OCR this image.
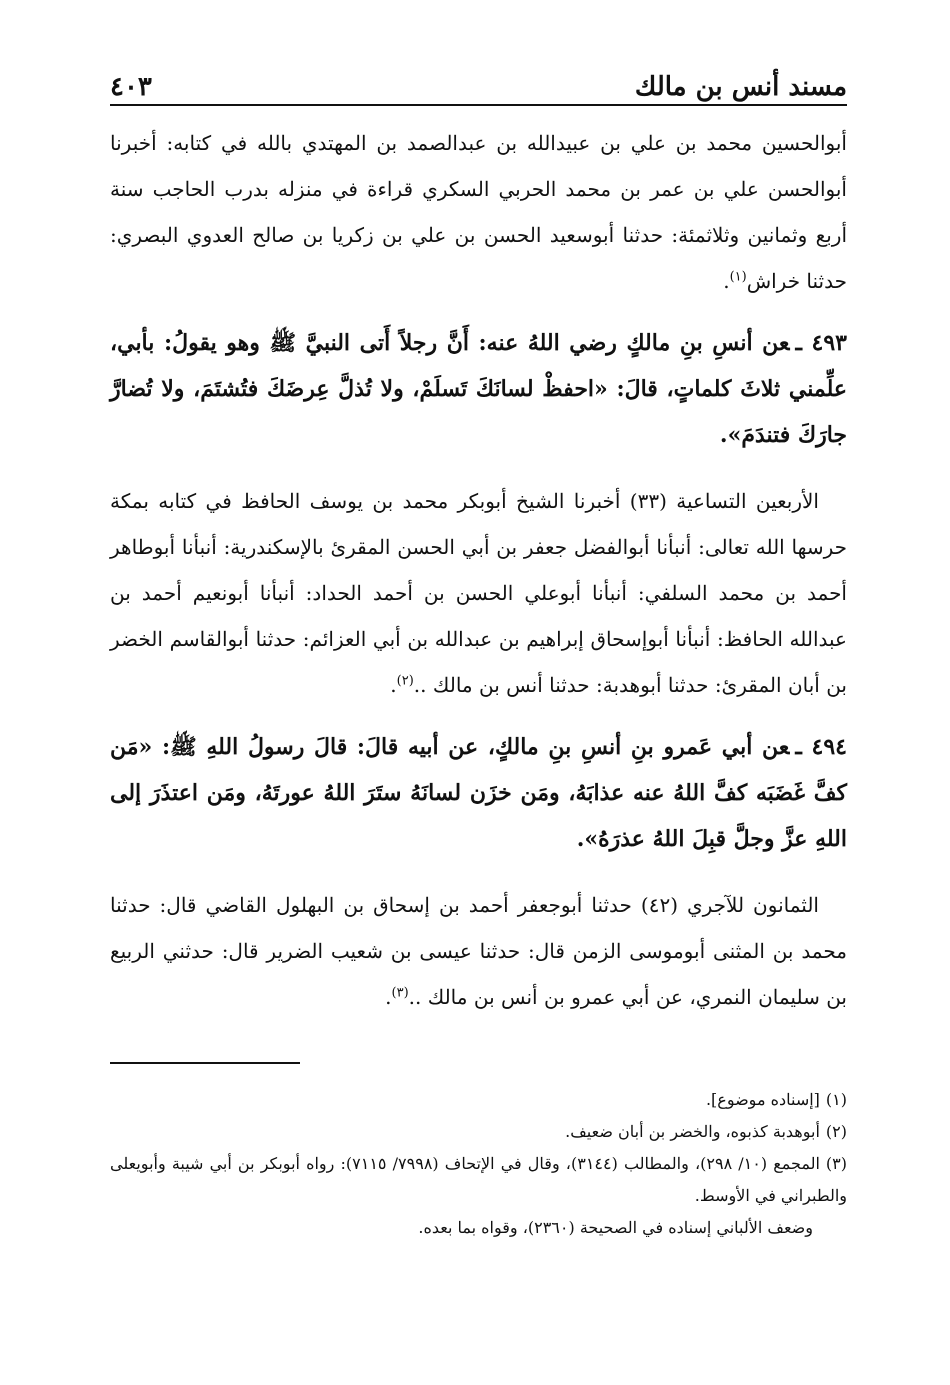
مسند أنس بن مالك
٤٠٣

أبوالحسين محمد بن علي بن عبيدالله بن عبدالصمد بن المهتدي بالله في كتابه: أخبرنا أبوالحسن علي بن عمر بن محمد الحربي السكري قراءة في منزله بدرب الحاجب سنة أربع وثمانين وثلاثمئة: حدثنا أبوسعيد الحسن بن علي بن زكريا بن صالح العدوي البصري: حدثنا خراش$^{(١)}$.

٤٩٣ ـعن أنسِ بنِ مالكٍ رضي اللهُ عنه: أَنَّ رجلاً أَتى النبيَّ ﷺ وهو يقولُ: بأبي، علِّمني ثلاثَ كلماتٍ، قالَ: «احفظْ لسانَكَ تَسلَمْ، ولا تُذلَّ عِرضَكَ فتُشتَمَ، ولا تُضارَّ جارَكَ فتندَمَ».

الأربعين التساعية (٣٣) أخبرنا الشيخ أبوبكر محمد بن يوسف الحافظ في كتابه بمكة حرسها الله تعالى: أنبأنا أبوالفضل جعفر بن أبي الحسن المقرئ بالإسكندرية: أنبأنا أبوطاهر أحمد بن محمد السلفي: أنبأنا أبوعلي الحسن بن أحمد الحداد: أنبأنا أبونعيم أحمد بن عبدالله الحافظ: أنبأنا أبوإسحاق إبراهيم بن عبدالله بن أبي العزائم: حدثنا أبوالقاسم الخضر بن أبان المقرئ: حدثنا أبوهدبة: حدثنا أنس بن مالك ..$^{(٢)}$.

٤٩٤ ـعن أبي عَمرو بنِ أنسِ بنِ مالكٍ، عن أبيه قالَ: قالَ رسولُ اللهِ ﷺ: «مَن كفَّ غَضَبَه كفَّ اللهُ عنه عذابَهُ، ومَن خزَن لسانَهُ ستَرَ اللهُ عورتَهُ، ومَن اعتذَرَ إلى اللهِ عزَّ وجلَّ قبِلَ اللهُ عذرَهُ».

الثمانون للآجري (٤٢) حدثنا أبوجعفر أحمد بن إسحاق بن البهلول القاضي قال: حدثنا محمد بن المثنى أبوموسى الزمن قال: حدثنا عيسى بن شعيب الضرير قال: حدثني الربيع بن سليمان النمري، عن أبي عمرو بن أنس بن مالك ..$^{(٣)}$.

(١)[إسناده موضوع].

(٢)أبوهدبة كذبوه، والخضر بن أبان ضعيف.

(٣)المجمع (١٠/ ٢٩٨)، والمطالب (٣١٤٤)، وقال في الإتحاف (٧٩٩٨/ ٧١١٥): رواه أبوبكر بن أبي شيبة وأبويعلى والطبراني في الأوسط.

وضعف الألباني إسناده في الصحيحة (٢٣٦٠)، وقواه بما بعده.
